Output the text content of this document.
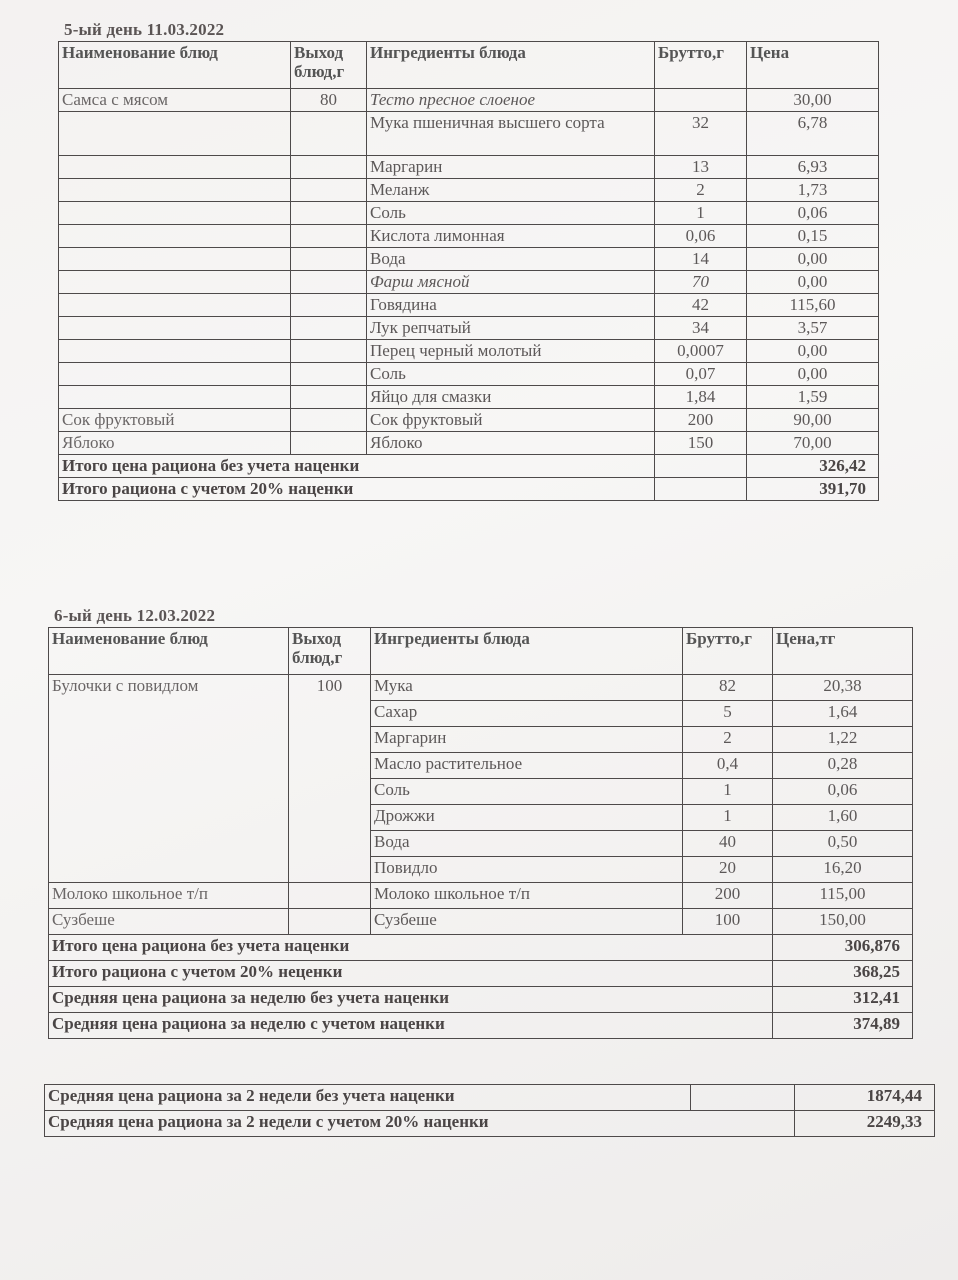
5-ый день 11.03.2022
Наименование блюд	Выход блюд,г	Ингредиенты блюда	Брутто,г	Цена
Самса с мясом	80	Тесто пресное слоеное		30,00
		Мука пшеничная высшего сорта	32	6,78
		Маргарин	13	6,93
		Меланж	2	1,73
		Соль	1	0,06
		Кислота лимонная	0,06	0,15
		Вода	14	0,00
		Фарш мясной	70	0,00
		Говядина	42	115,60
		Лук репчатый	34	3,57
		Перец черный молотый	0,0007	0,00
		Соль	0,07	0,00
		Яйцо для смазки	1,84	1,59
Сок фруктовый		Сок фруктовый	200	90,00
Яблоко		Яблоко	150	70,00
Итого цена рациона без учета наценки				326,42
Итого рациона с учетом 20% наценки				391,70
6-ый день 12.03.2022
Наименование блюд	Выход блюд,г	Ингредиенты блюда	Брутто,г	Цена,тг
Булочки с повидлом	100	Мука	82	20,38
		Сахар	5	1,64
		Маргарин	2	1,22
		Масло растительное	0,4	0,28
		Соль	1	0,06
		Дрожжи	1	1,60
		Вода	40	0,50
		Повидло	20	16,20
Молоко школьное т/п		Молоко школьное т/п	200	115,00
Сузбеше		Сузбеше	100	150,00
Итого цена рациона без учета наценки				306,876
Итого рациона с учетом 20% неценки				368,25
Средняя цена рациона за неделю без учета наценки				312,41
Средняя цена рациона за неделю с учетом наценки				374,89
Средняя цена рациона за 2 недели без учета наценки		1874,44
Средняя цена рациона за 2 недели с учетом 20% наценки		2249,33
